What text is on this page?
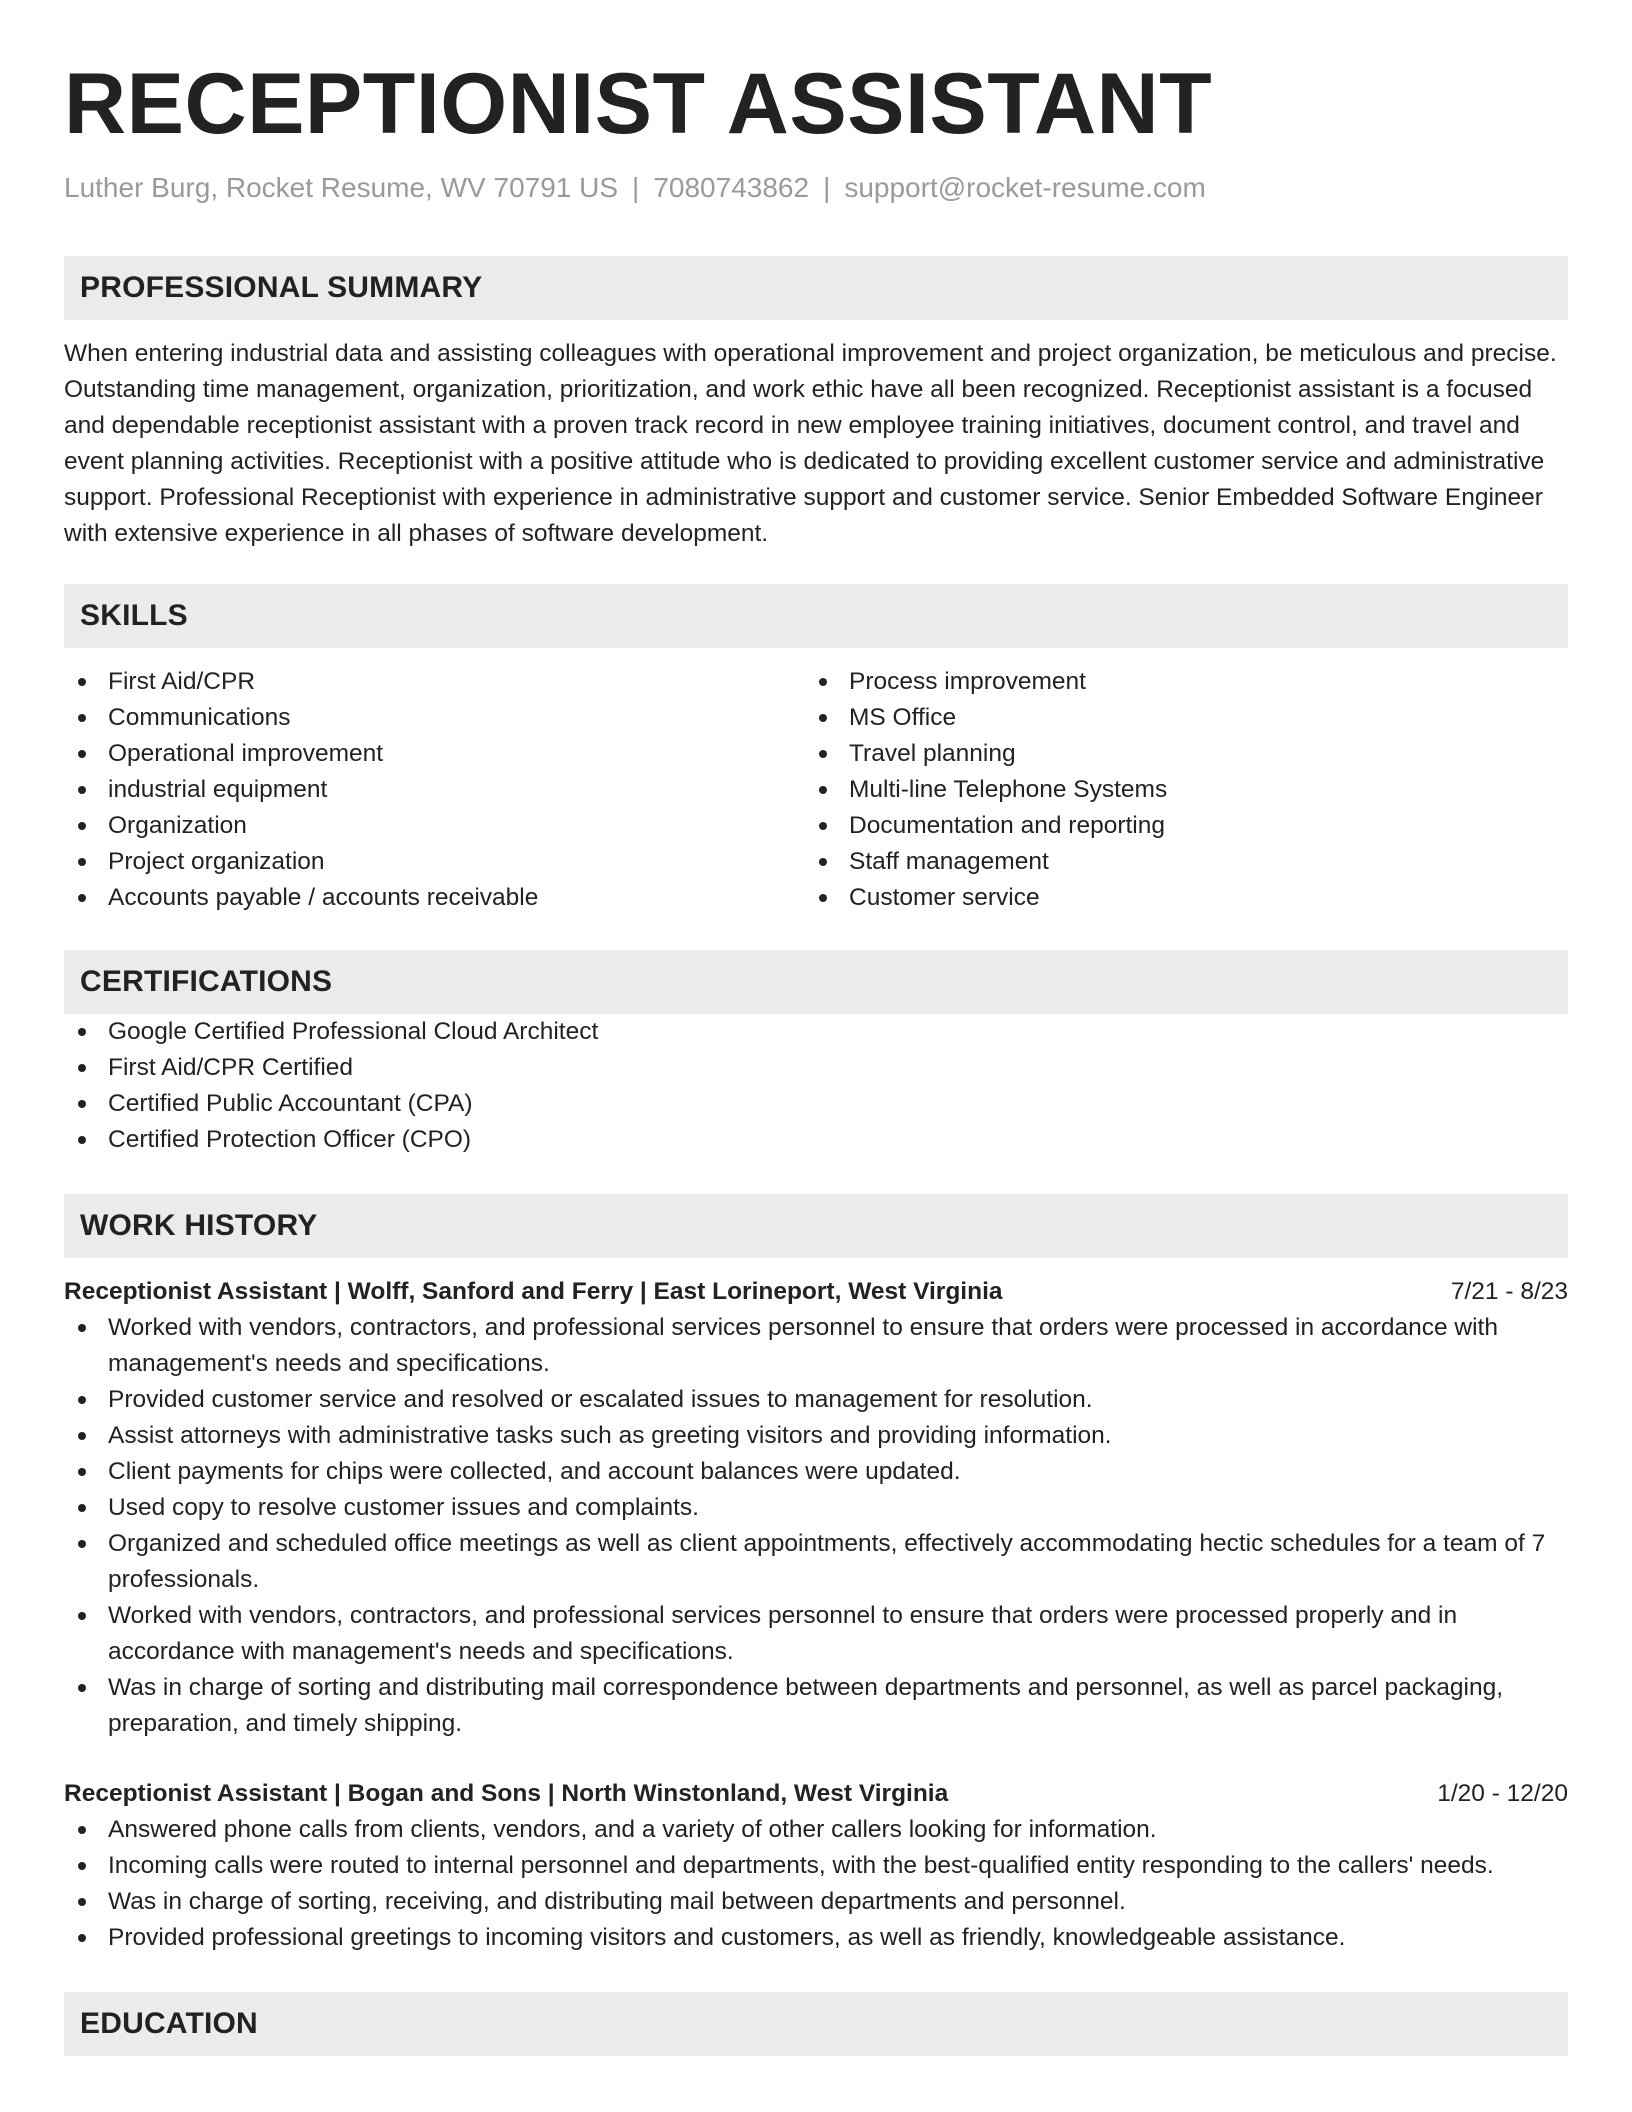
RECEPTIONIST ASSISTANT
Luther Burg, Rocket Resume, WV 70791 US | 7080743862 | support@rocket-resume.com
PROFESSIONAL SUMMARY

When entering industrial data and assisting colleagues with operational improvement and project organization, be meticulous and precise. Outstanding time management, organization, prioritization, and work ethic have all been recognized. Receptionist assistant is a focused and dependable receptionist assistant with a proven track record in new employee training initiatives, document control, and travel and event planning activities. Receptionist with a positive attitude who is dedicated to providing excellent customer service and administrative support. Professional Receptionist with experience in administrative support and customer service. Senior Embedded Software Engineer with extensive experience in all phases of software development.

SKILLS
First Aid/CPR
Communications
Operational improvement
industrial equipment
Organization
Project organization
Accounts payable / accounts receivable
Process improvement
MS Office
Travel planning
Multi-line Telephone Systems
Documentation and reporting
Staff management
Customer service
CERTIFICATIONS
Google Certified Professional Cloud Architect
First Aid/CPR Certified
Certified Public Accountant (CPA)
Certified Protection Officer (CPO)
WORK HISTORY
Receptionist Assistant | Wolff, Sanford and Ferry | East Lorineport, West Virginia	7/21 - 8/23
Worked with vendors, contractors, and professional services personnel to ensure that orders were processed in accordance with management's needs and specifications.
Provided customer service and resolved or escalated issues to management for resolution.
Assist attorneys with administrative tasks such as greeting visitors and providing information.
Client payments for chips were collected, and account balances were updated.
Used copy to resolve customer issues and complaints.
Organized and scheduled office meetings as well as client appointments, effectively accommodating hectic schedules for a team of 7 professionals.
Worked with vendors, contractors, and professional services personnel to ensure that orders were processed properly and in accordance with management's needs and specifications.
Was in charge of sorting and distributing mail correspondence between departments and personnel, as well as parcel packaging, preparation, and timely shipping.
Receptionist Assistant | Bogan and Sons | North Winstonland, West Virginia	1/20 - 12/20
Answered phone calls from clients, vendors, and a variety of other callers looking for information.
Incoming calls were routed to internal personnel and departments, with the best-qualified entity responding to the callers' needs.
Was in charge of sorting, receiving, and distributing mail between departments and personnel.
Provided professional greetings to incoming visitors and customers, as well as friendly, knowledgeable assistance.
EDUCATION
